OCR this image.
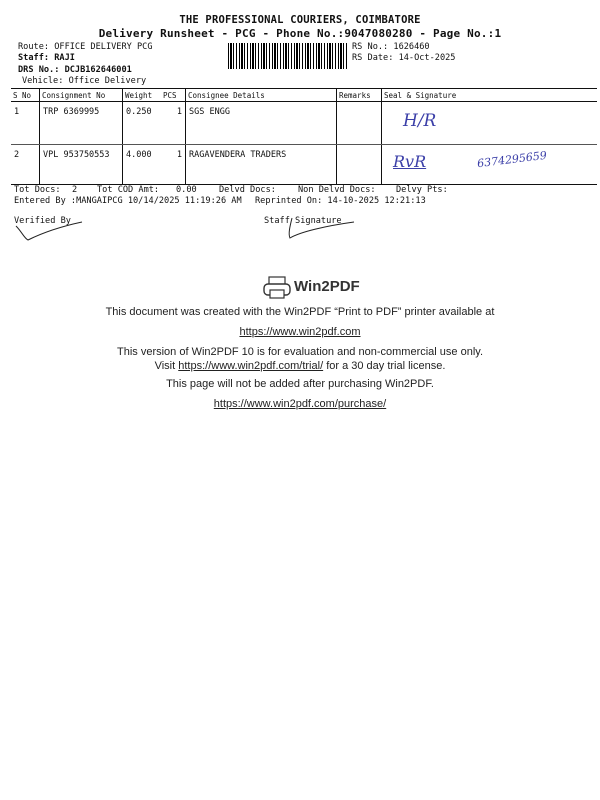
THE PROFESSIONAL COURIERS, COIMBATORE
Delivery Runsheet - PCG - Phone No.:9047080280 - Page No.:1
Route: OFFICE DELIVERY PCG
Staff: RAJI
DRS No.: DCJB162646001
Vehicle: Office Delivery
RS No.: 1626460
RS Date: 14-Oct-2025
S No	Consignment No	Weight	PCS	Consignee Details	Remarks	Seal & Signature
1	TRP 6369995	0.250	1	SGS ENGG		H/R
2	VPL 953750553	4.000	1	RAGAVENDERA TRADERS		RvR 6374295659
Tot Docs: 2 Tot COD Amt: 0.00	Delvd Docs:	Non Delvd Docs: Delvy Pts:
Entered By :MANGAIPCG 10/14/2025 11:19:26 AM Reprinted On: 14-10-2025 12:21:13
Verified By	Staff Signature
Win2PDF
This document was created with the Win2PDF “Print to PDF” printer available at
https://www.win2pdf.com
This version of Win2PDF 10 is for evaluation and non-commercial use only.
Visit https://www.win2pdf.com/trial/ for a 30 day trial license.
This page will not be added after purchasing Win2PDF.
https://www.win2pdf.com/purchase/
